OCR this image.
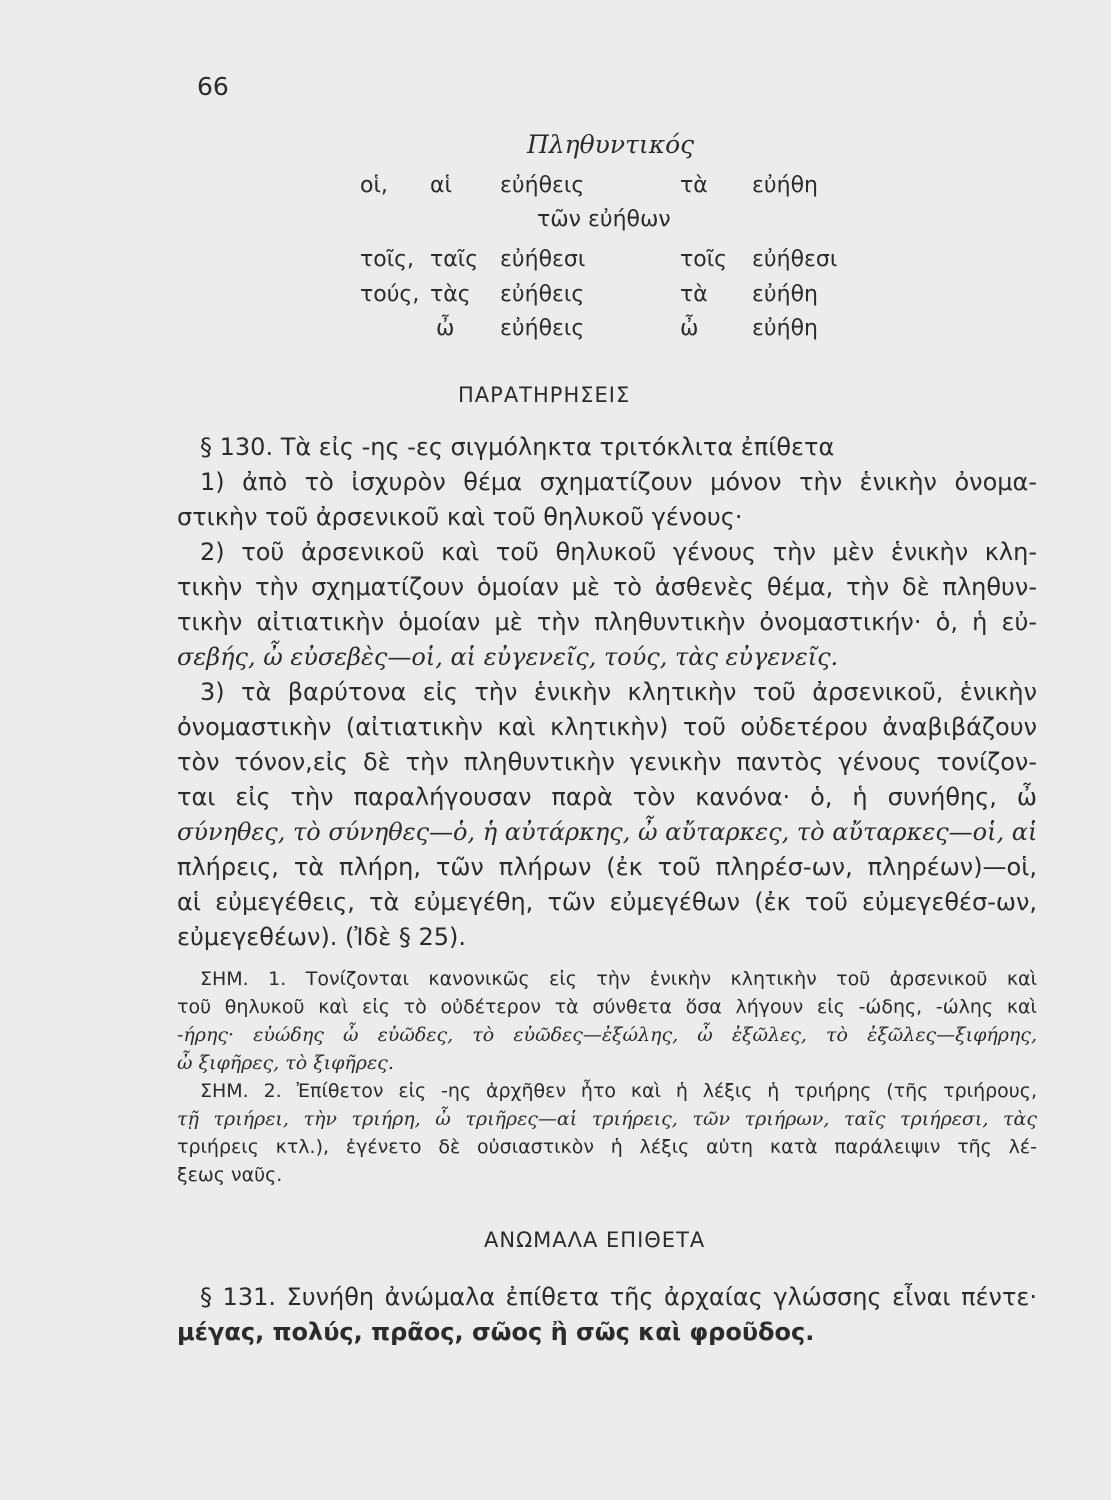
66
Πληθυντικός
οἱ, αἱ εὐήθεις	τὰ εὐήθη
τῶν εὐήθων
τοῖς, ταῖς εὐήθεσι	τοῖς εὐήθεσι
τούς, τὰς εὐήθεις	τὰ εὐήθη
ὦ εὐήθεις	ὦ εὐήθη
ΠΑΡΑΤΗΡΗΣΕΙΣ
§ 130. Τὰ εἰς -ης -ες σιγμόληκτα τριτόκλιτα ἐπίθετα
1) ἀπὸ τὸ ἰσχυρὸν θέμα σχηματίζουν μόνον τὴν ἑνικὴν ὀνομα-
στικὴν τοῦ ἀρσενικοῦ καὶ τοῦ θηλυκοῦ γένους·
2) τοῦ ἀρσενικοῦ καὶ τοῦ θηλυκοῦ γένους τὴν μὲν ἑνικὴν κλη-
τικὴν τὴν σχηματίζουν ὁμοίαν μὲ τὸ ἀσθενὲς θέμα, τὴν δὲ πληθυν-
τικὴν αἰτιατικὴν ὁμοίαν μὲ τὴν πληθυντικὴν ὀνομαστικήν· ὁ, ἡ εὐ-
σεβής, ὦ εὐσεβὲς—οἱ, αἱ εὐγενεῖς, τούς, τὰς εὐγενεῖς.
3) τὰ βαρύτονα εἰς τὴν ἑνικὴν κλητικὴν τοῦ ἀρσενικοῦ, ἑνικὴν
ὀνομαστικὴν (αἰτιατικὴν καὶ κλητικὴν) τοῦ οὐδετέρου ἀναβιβάζουν
τὸν τόνον,εἰς δὲ τὴν πληθυντικὴν γενικὴν παντὸς γένους τονίζον-
ται εἰς τὴν παραλήγουσαν παρὰ τὸν κανόνα· ὁ, ἡ συνήθης, ὦ
σύνηθες, τὸ σύνηθες—ὁ, ἡ αὐτάρκης, ὦ αὔταρκες, τὸ αὔταρκες—οἱ, αἱ
πλήρεις, τὰ πλήρη, τῶν πλήρων (ἐκ τοῦ πληρέσ-ων, πληρέων)—οἱ,
αἱ εὐμεγέθεις, τὰ εὐμεγέθη, τῶν εὐμεγέθων (ἐκ τοῦ εὐμεγεθέσ-ων,
εὐμεγεθέων). (Ἰδὲ § 25).
ΣΗΜ. 1. Τονίζονται κανονικῶς εἰς τὴν ἑνικὴν κλητικὴν τοῦ ἀρσενικοῦ καὶ
τοῦ θηλυκοῦ καὶ εἰς τὸ οὐδέτερον τὰ σύνθετα ὅσα λήγουν εἰς -ώδης, -ώλης καὶ
-ήρης· εὐώδης ὦ εὐῶδες, τὸ εὐῶδες—ἐξώλης, ὦ ἐξῶλες, τὸ ἐξῶλες—ξιφήρης,
ὦ ξιφῆρες, τὸ ξιφῆρες.
ΣΗΜ. 2. Ἐπίθετον εἰς -ης ἀρχῆθεν ἦτο καὶ ἡ λέξις ἡ τριήρης (τῆς τριήρους,
τῇ τριήρει, τὴν τριήρη, ὦ τριῆρες—αἱ τριήρεις, τῶν τριήρων, ταῖς τριήρεσι, τὰς
τριήρεις κτλ.), ἐγένετο δὲ οὐσιαστικὸν ἡ λέξις αὐτη κατὰ παράλειψιν τῆς λέ-
ξεως ναῦς.
ΑΝΩΜΑΛΑ ΕΠΙΘΕΤΑ
§ 131. Συνήθη ἀνώμαλα ἐπίθετα τῆς ἀρχαίας γλώσσης εἶναι πέντε·
μέγας, πολύς, πρᾶος, σῶος ἢ σῶς καὶ φροῦδος.
